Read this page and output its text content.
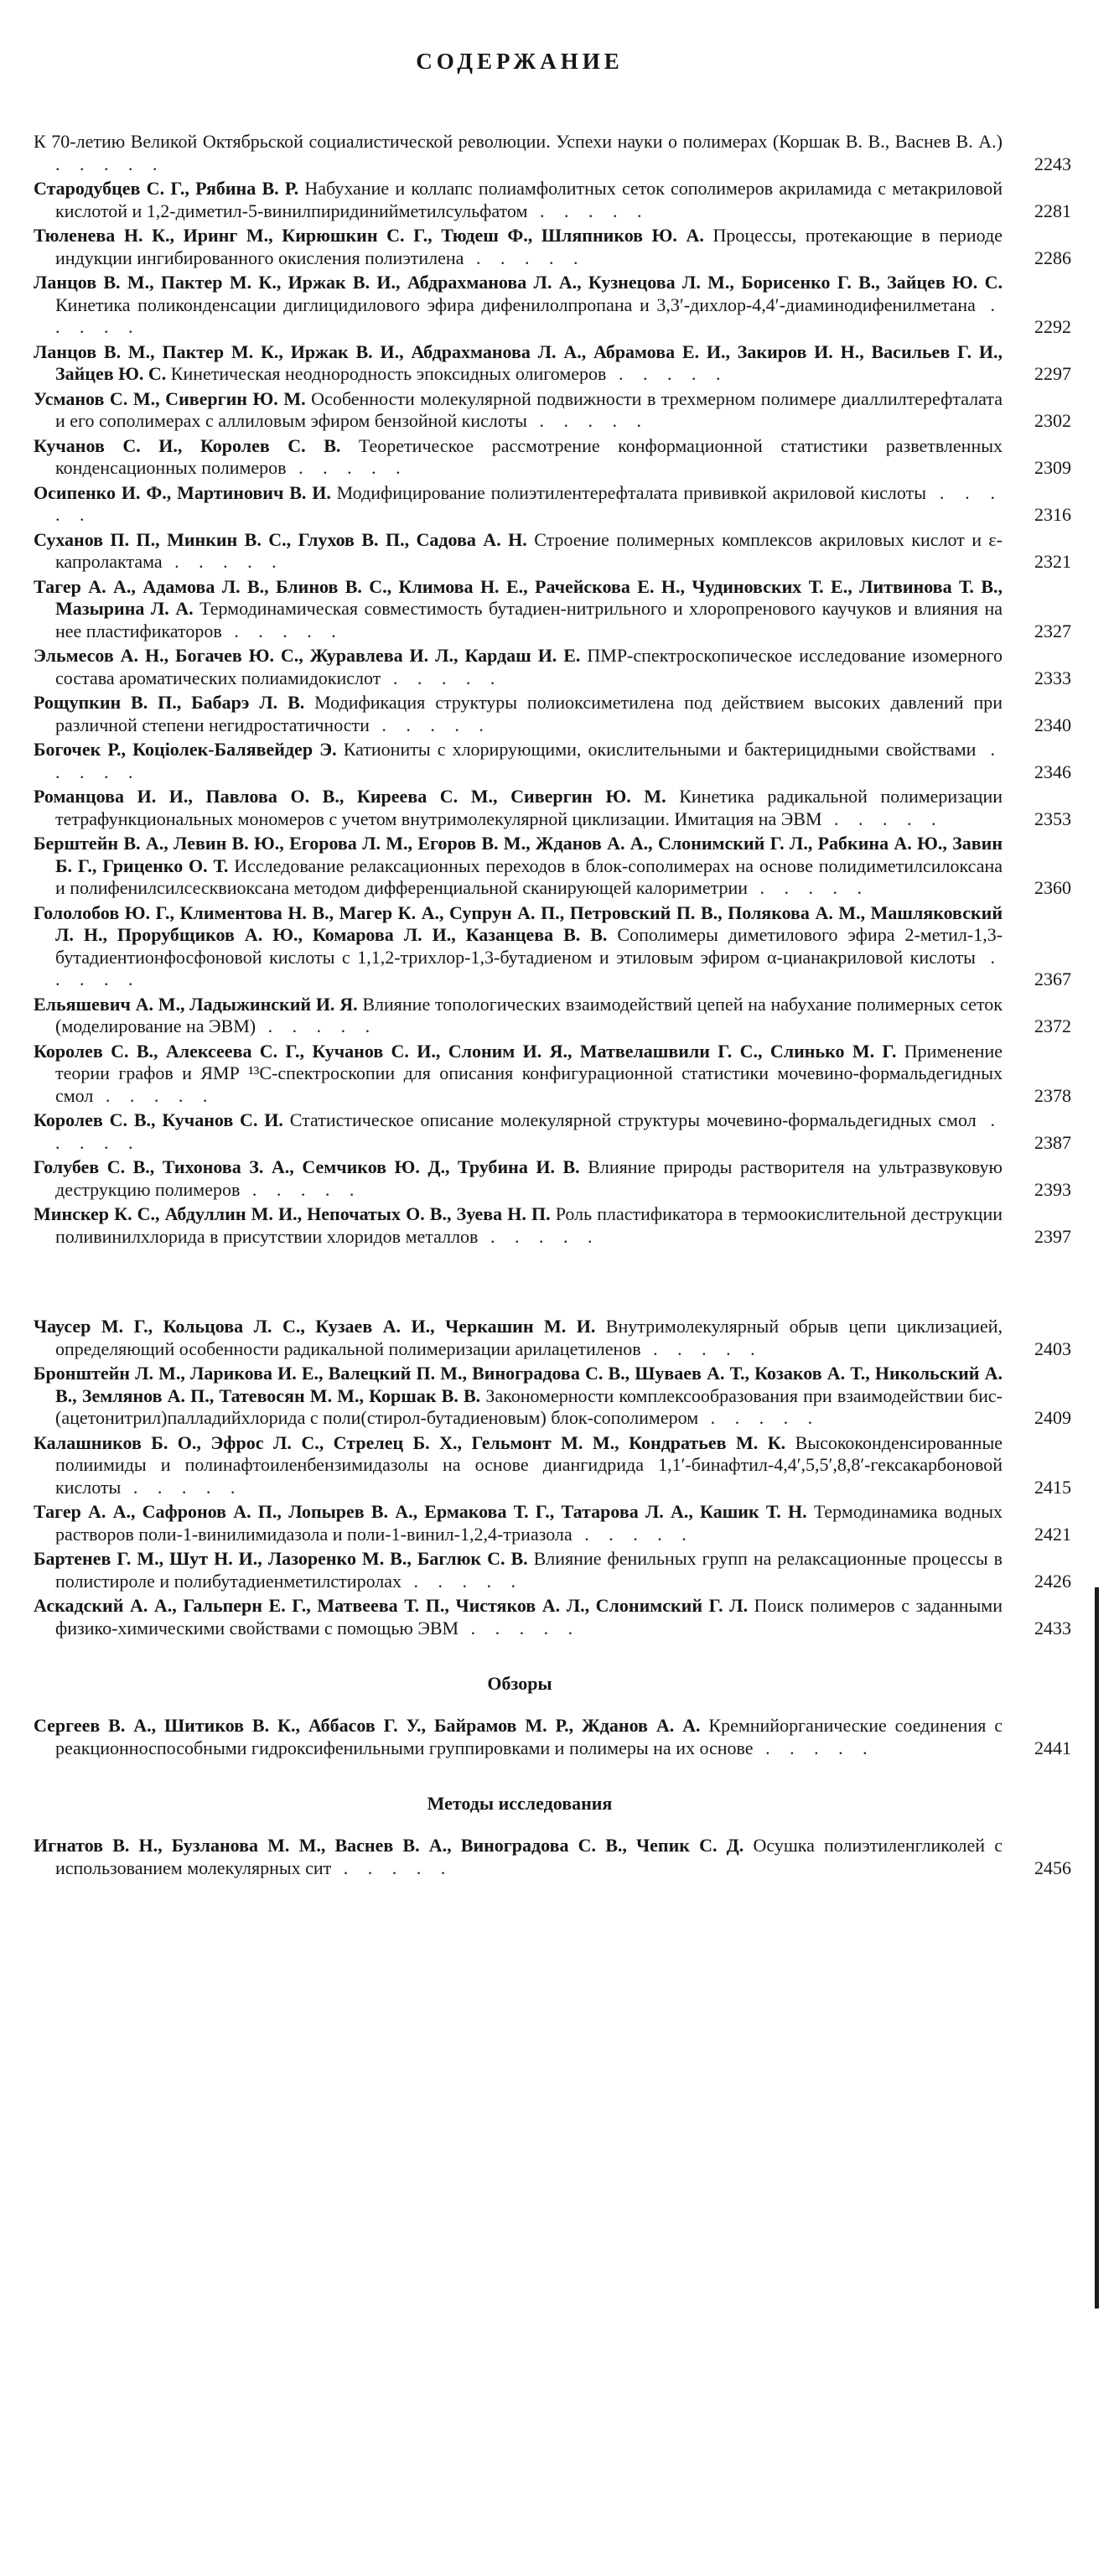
СОДЕРЖАНИЕ
К 70-летию Великой Октябрьской социалистической революции. Успехи науки о полимерах (Коршак В. В., Васнев В. А.) . . . . .	2243
Стародубцев С. Г., Рябина В. Р. Набухание и коллапс полиамфолитных сеток сополимеров акриламида с метакриловой кислотой и 1,2-диметил-5-винилпиридинийметилсульфатом . . . . .	2281
Тюленева Н. К., Иринг М., Кирюшкин С. Г., Тюдеш Ф., Шляпников Ю. А. Процессы, протекающие в периоде индукции ингибированного окисления полиэтилена . . . . .	2286
Ланцов В. М., Пактер М. К., Иржак В. И., Абдрахманова Л. А., Кузнецова Л. М., Борисенко Г. В., Зайцев Ю. С. Кинетика поликонденсации диглицидилового эфира дифенилолпропана и 3,3′-дихлор-4,4′-диаминодифенилметана . . . . .	2292
Ланцов В. М., Пактер М. К., Иржак В. И., Абдрахманова Л. А., Абрамова Е. И., Закиров И. Н., Васильев Г. И., Зайцев Ю. С. Кинетическая неоднородность эпоксидных олигомеров . . . . .	2297
Усманов С. М., Сивергин Ю. М. Особенности молекулярной подвижности в трехмерном полимере диаллилтерефталата и его сополимерах с аллиловым эфиром бензойной кислоты . . . . .	2302
Кучанов С. И., Королев С. В. Теоретическое рассмотрение конформационной статистики разветвленных конденсационных полимеров . . . . .	2309
Осипенко И. Ф., Мартинович В. И. Модифицирование полиэтилентерефталата прививкой акриловой кислоты . . . . .	2316
Суханов П. П., Минкин В. С., Глухов В. П., Садова А. Н. Строение полимерных комплексов акриловых кислот и ε-капролактама . . . . .	2321
Тагер А. А., Адамова Л. В., Блинов В. С., Климова Н. Е., Рачейскова Е. Н., Чудиновских Т. Е., Литвинова Т. В., Мазырина Л. А. Термодинамическая совместимость бутадиен-нитрильного и хлоропренового каучуков и влияния на нее пластификаторов . . . . .	2327
Эльмесов А. Н., Богачев Ю. С., Журавлева И. Л., Кардаш И. Е. ПМР-спектроскопическое исследование изомерного состава ароматических полиамидокислот . . . . .	2333
Рощупкин В. П., Бабарэ Л. В. Модификация структуры полиоксиметилена под действием высоких давлений при различной степени негидростатичности . . . . .	2340
Богочек Р., Коцiолек-Балявейдер Э. Катиониты с хлорирующими, окислительными и бактерицидными свойствами . . . . .	2346
Романцова И. И., Павлова О. В., Киреева С. М., Сивергин Ю. М. Кинетика радикальной полимеризации тетрафункциональных мономеров с учетом внутримолекулярной циклизации. Имитация на ЭВМ . . . . .	2353
Берштейн В. А., Левин В. Ю., Егорова Л. М., Егоров В. М., Жданов А. А., Слонимский Г. Л., Рабкина А. Ю., Завин Б. Г., Гриценко О. Т. Исследование релаксационных переходов в блок-сополимерах на основе полидиметилсилоксана и полифенилсилсесквиоксана методом дифференциальной сканирующей калориметрии . . . . .	2360
Гололобов Ю. Г., Климентова Н. В., Магер К. А., Супрун А. П., Петровский П. В., Полякова А. М., Машляковский Л. Н., Прорубщиков А. Ю., Комарова Л. И., Казанцева В. В. Сополимеры диметилового эфира 2-метил-1,3-бутадиентионфосфоновой кислоты с 1,1,2-трихлор-1,3-бутадиеном и этиловым эфиром α-цианакриловой кислоты . . . . .	2367
Ельяшевич А. М., Ладыжинский И. Я. Влияние топологических взаимодействий цепей на набухание полимерных сеток (моделирование на ЭВМ) . . . . .	2372
Королев С. В., Алексеева С. Г., Кучанов С. И., Слоним И. Я., Матвелашвили Г. С., Слинько М. Г. Применение теории графов и ЯМР ¹³С-спектроскопии для описания конфигурационной статистики мочевино-формальдегидных смол . . . . .	2378
Королев С. В., Кучанов С. И. Статистическое описание молекулярной структуры мочевино-формальдегидных смол . . . . .	2387
Голубев С. В., Тихонова З. А., Семчиков Ю. Д., Трубина И. В. Влияние природы растворителя на ультразвуковую деструкцию полимеров . . . . .	2393
Минскер К. С., Абдуллин М. И., Непочатых О. В., Зуева Н. П. Роль пластификатора в термоокислительной деструкции поливинилхлорида в присутствии хлоридов металлов . . . . .	2397
Чаусер М. Г., Кольцова Л. С., Кузаев А. И., Черкашин М. И. Внутримолекулярный обрыв цепи циклизацией, определяющий особенности радикальной полимеризации арилацетиленов . . . . .	2403
Бронштейн Л. М., Ларикова И. Е., Валецкий П. М., Виноградова С. В., Шуваев А. Т., Козаков А. Т., Никольский А. В., Землянов А. П., Татевосян М. М., Коршак В. В. Закономерности комплексообразования при взаимодействии бис-(ацетонитрил)палладийхлорида с поли(стирол-бутадиеновым) блок-сополимером . . . . .	2409
Калашников Б. О., Эфрос Л. С., Стрелец Б. Х., Гельмонт М. М., Кондратьев М. К. Высококонденсированные полиимиды и полинафтоиленбензимидазолы на основе диангидрида 1,1′-бинафтил-4,4′,5,5′,8,8′-гексакарбоновой кислоты . . . . .	2415
Тагер А. А., Сафронов А. П., Лопырев В. А., Ермакова Т. Г., Татарова Л. А., Кашик Т. Н. Термодинамика водных растворов поли-1-винилимидазола и поли-1-винил-1,2,4-триазола . . . . .	2421
Бартенев Г. М., Шут Н. И., Лазоренко М. В., Баглюк С. В. Влияние фенильных групп на релаксационные процессы в полистироле и полибутадиенметилстиролах . . . . .	2426
Аскадский А. А., Гальперн Е. Г., Матвеева Т. П., Чистяков А. Л., Слонимский Г. Л. Поиск полимеров с заданными физико-химическими свойствами с помощью ЭВМ . . . . .	2433
Обзоры
Сергеев В. А., Шитиков В. К., Аббасов Г. У., Байрамов М. Р., Жданов А. А. Кремнийорганические соединения с реакционноспособными гидроксифенильными группировками и полимеры на их основе . . . . .	2441
Методы исследования
Игнатов В. Н., Бузланова М. М., Васнев В. А., Виноградова С. В., Чепик С. Д. Осушка полиэтиленгликолей с использованием молекулярных сит . . . . .	2456
